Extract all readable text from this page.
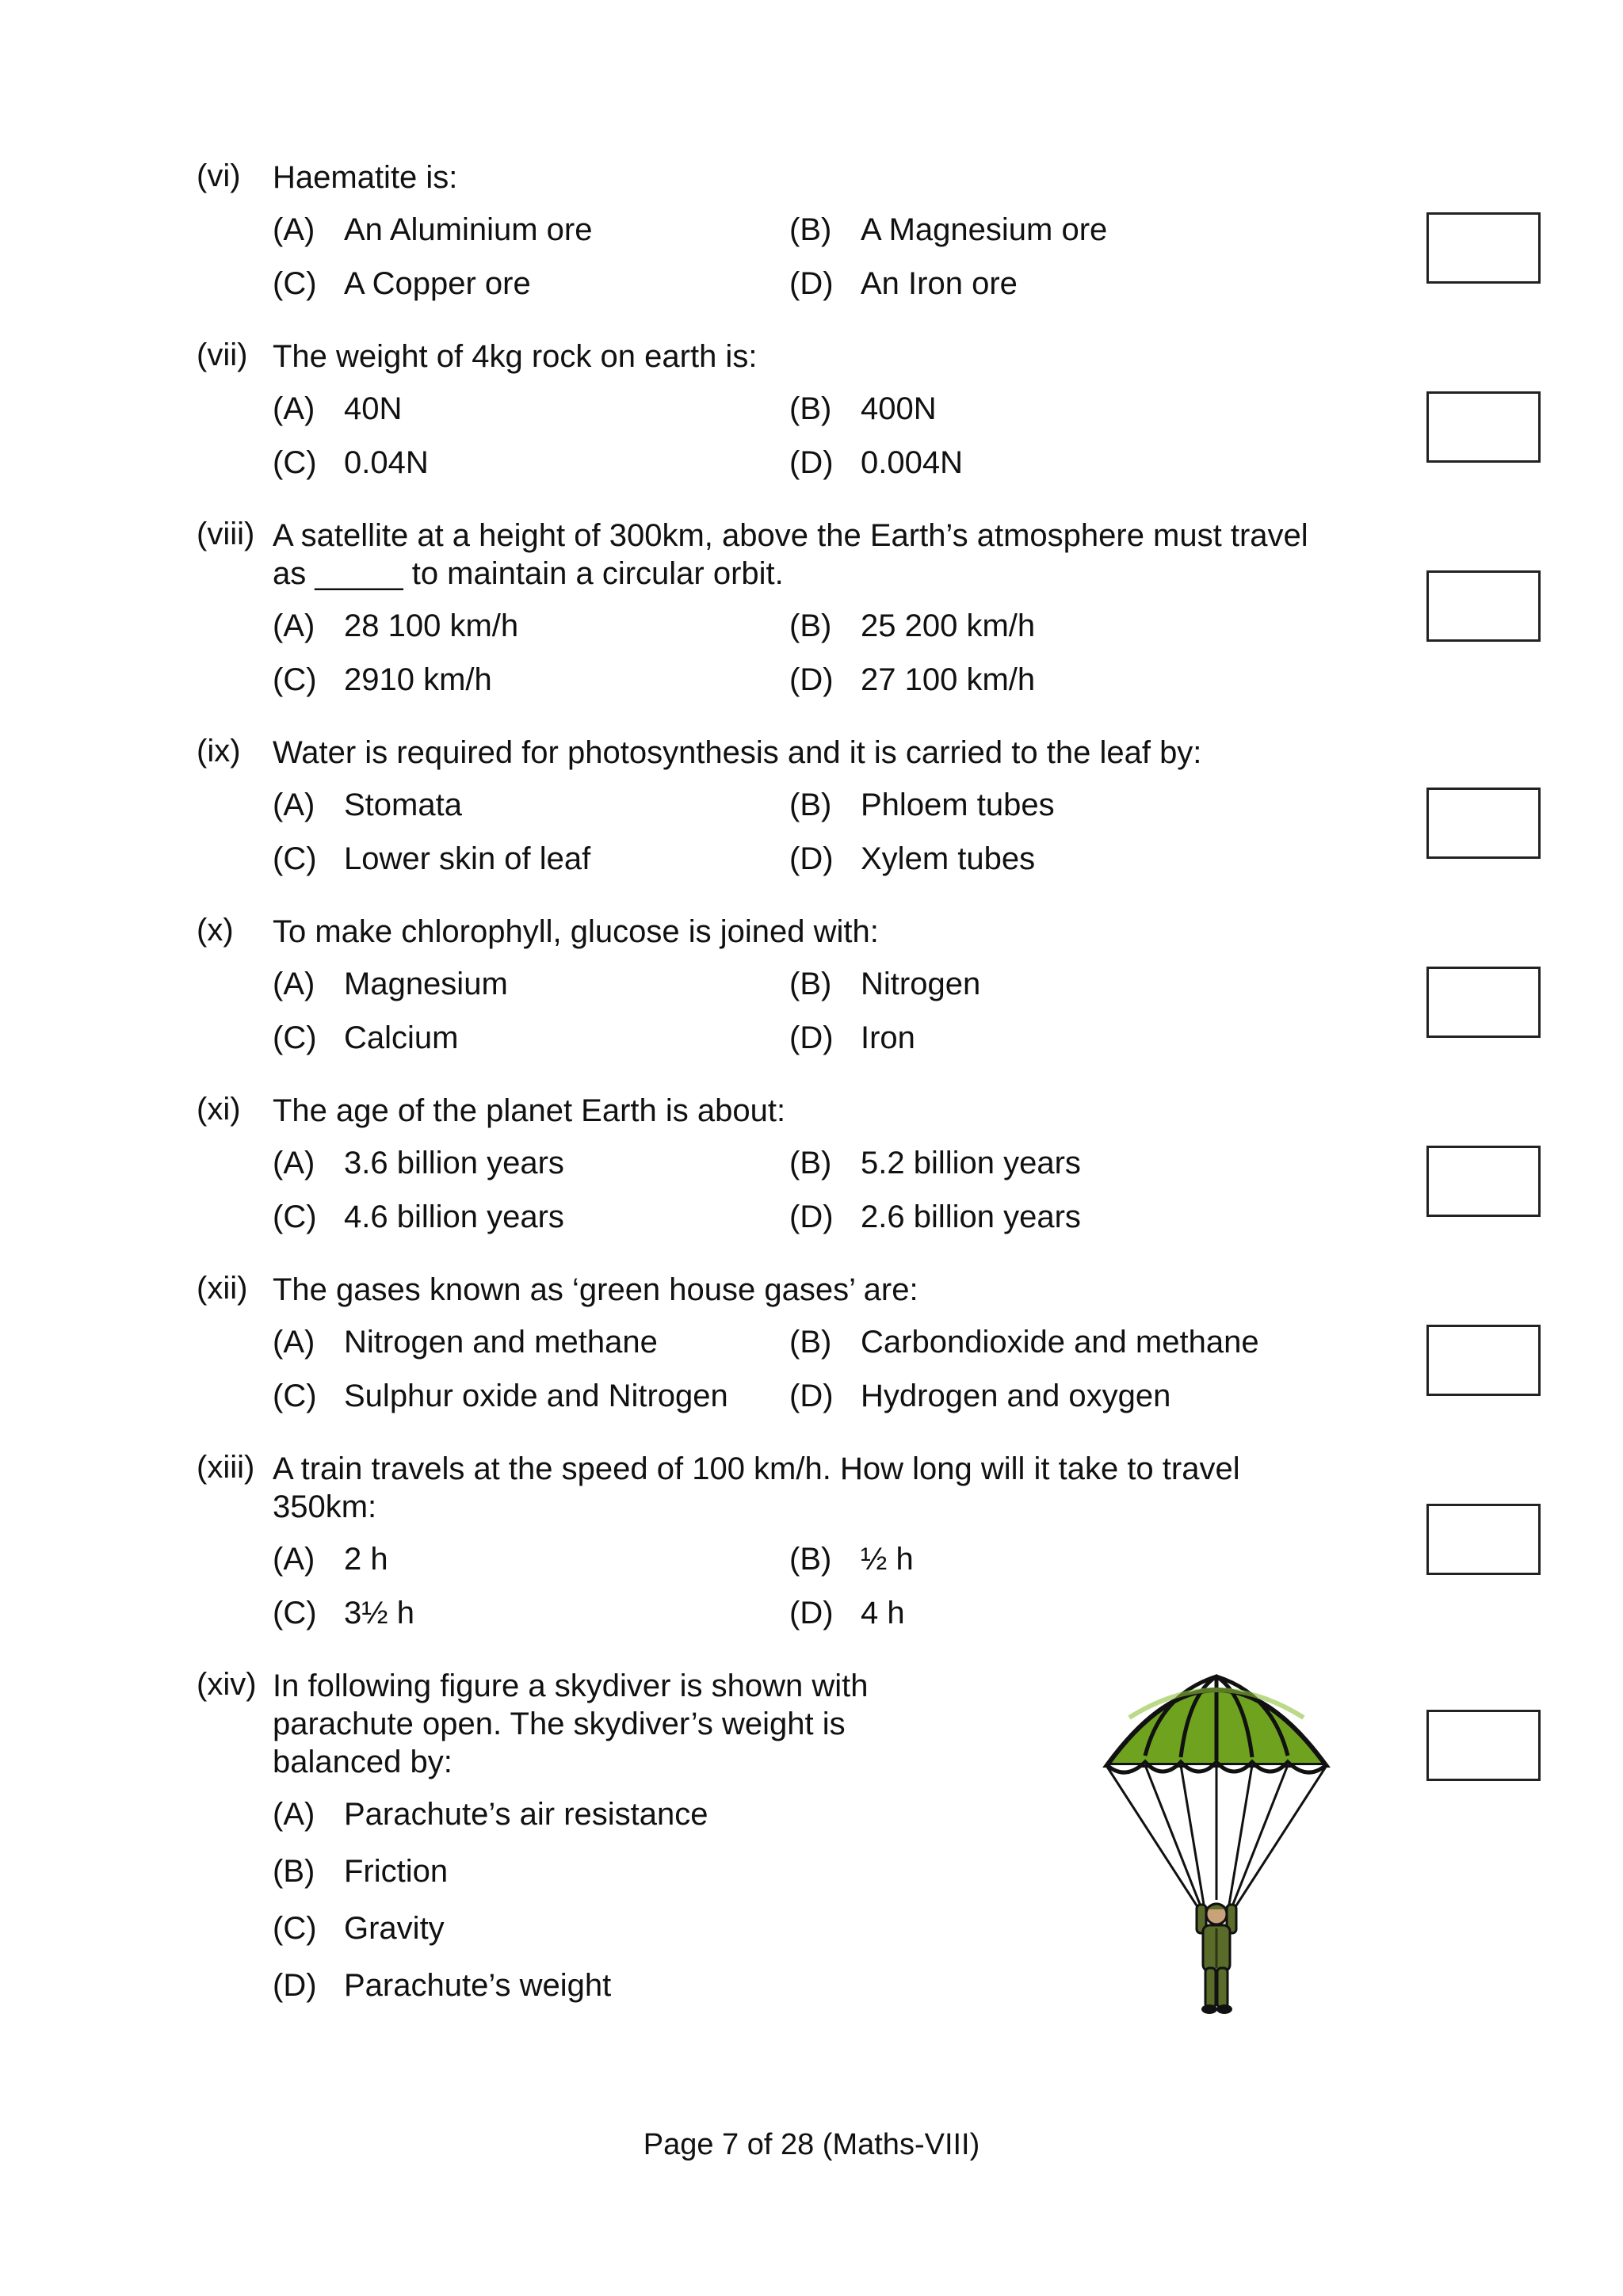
(vi) Haematite is:
(A) An Aluminium ore	(B) A Magnesium ore
(C) A Copper ore	(D) An Iron ore
(vii) The weight of 4kg rock on earth is:
(A) 40N	(B) 400N
(C) 0.04N	(D) 0.004N
(viii) A satellite at a height of 300km, above the Earth’s atmosphere must travel
as _____ to maintain a circular orbit.
(A) 28 100 km/h	(B) 25 200 km/h
(C) 2910 km/h	(D) 27 100 km/h
(ix) Water is required for photosynthesis and it is carried to the leaf by:
(A) Stomata	(B) Phloem tubes
(C) Lower skin of leaf	(D) Xylem tubes
(x) To make chlorophyll, glucose is joined with:
(A) Magnesium	(B) Nitrogen
(C) Calcium	(D) Iron
(xi) The age of the planet Earth is about:
(A) 3.6 billion years	(B) 5.2 billion years
(C) 4.6 billion years	(D) 2.6 billion years
(xii) The gases known as ‘green house gases’ are:
(A) Nitrogen and methane	(B) Carbondioxide and methane
(C) Sulphur oxide and Nitrogen (D) Hydrogen and oxygen
(xiii) A train travels at the speed of 100 km/h. How long will it take to travel
350km:
(A) 2 h	(B) ½ h
(C) 3½ h	(D) 4 h
(xiv) In following figure a skydiver is shown with
parachute open. The skydiver’s weight is
balanced by:
(A) Parachute’s air resistance
(B) Friction
(C) Gravity
(D) Parachute’s weight
Page 7 of 28 (Maths-VIII)
